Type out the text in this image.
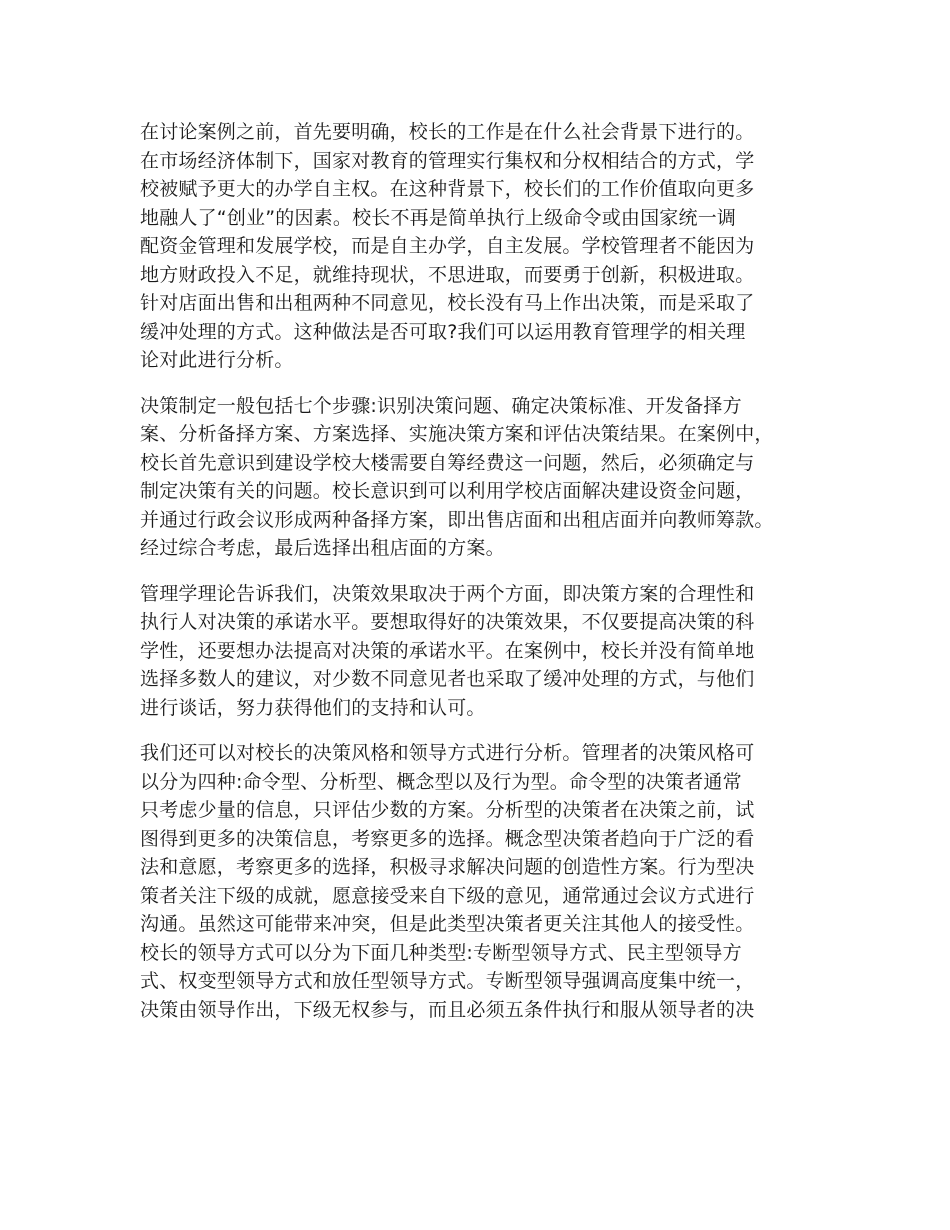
在讨论案例之前，首先要明确，校长的工作是在什么社会背景下进行的。
在市场经济体制下，国家对教育的管理实行集权和分权相结合的方式，学
校被赋予更大的办学自主权。在这种背景下，校长们的工作价值取向更多
地融人了“创业”的因素。校长不再是简单执行上级命令或由国家统一调
配资金管理和发展学校，而是自主办学，自主发展。学校管理者不能因为
地方财政投入不足，就维持现状，不思进取，而要勇于创新，积极进取。
针对店面出售和出租两种不同意见，校长没有马上作出决策，而是采取了
缓冲处理的方式。这种做法是否可取?我们可以运用教育管理学的相关理
论对此进行分析。
决策制定一般包括七个步骤:识别决策问题、确定决策标准、开发备择方
案、分析备择方案、方案选择、实施决策方案和评估决策结果。在案例中，
校长首先意识到建设学校大楼需要自筹经费这一问题，然后，必须确定与
制定决策有关的问题。校长意识到可以利用学校店面解决建设资金问题，
并通过行政会议形成两种备择方案，即出售店面和出租店面并向教师筹款。
经过综合考虑，最后选择出租店面的方案。
管理学理论告诉我们，决策效果取决于两个方面，即决策方案的合理性和
执行人对决策的承诺水平。要想取得好的决策效果，不仅要提高决策的科
学性，还要想办法提高对决策的承诺水平。在案例中，校长并没有简单地
选择多数人的建议，对少数不同意见者也采取了缓冲处理的方式，与他们
进行谈话，努力获得他们的支持和认可。
我们还可以对校长的决策风格和领导方式进行分析。管理者的决策风格可
以分为四种:命令型、分析型、概念型以及行为型。命令型的决策者通常
只考虑少量的信息，只评估少数的方案。分析型的决策者在决策之前，试
图得到更多的决策信息，考察更多的选择。概念型决策者趋向于广泛的看
法和意愿，考察更多的选择，积极寻求解决问题的创造性方案。行为型决
策者关注下级的成就，愿意接受来自下级的意见，通常通过会议方式进行
沟通。虽然这可能带来冲突，但是此类型决策者更关注其他人的接受性。
校长的领导方式可以分为下面几种类型:专断型领导方式、民主型领导方
式、权变型领导方式和放任型领导方式。专断型领导强调高度集中统一，
决策由领导作出，下级无权参与，而且必须五条件执行和服从领导者的决
